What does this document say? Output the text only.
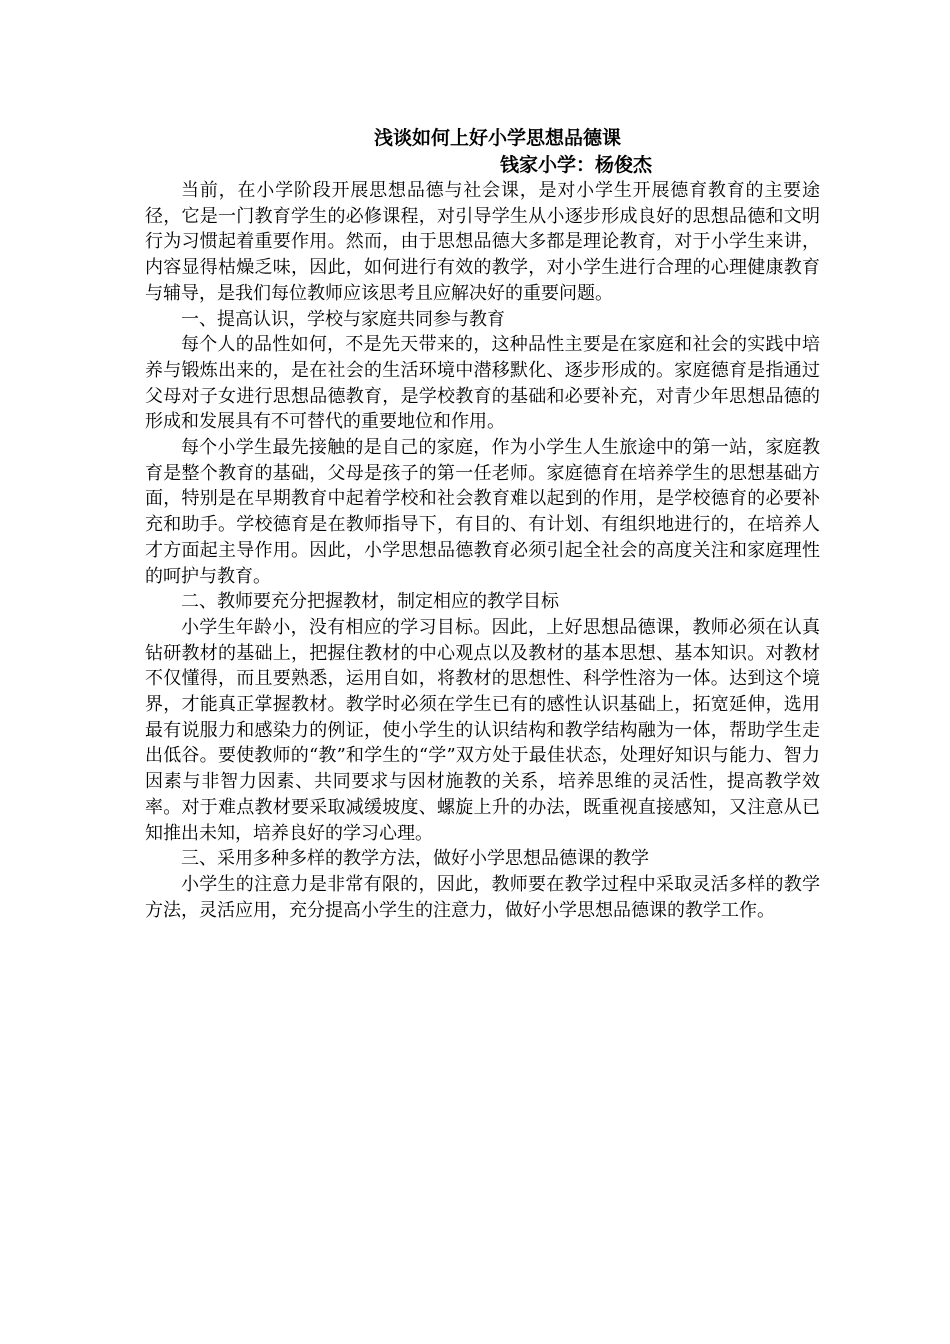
浅谈如何上好小学思想品德课

钱家小学：杨俊杰

当前，在小学阶段开展思想品德与社会课，是对小学生开展德育教育的主要途径，它是一门教育学生的必修课程，对引导学生从小逐步形成良好的思想品德和文明行为习惯起着重要作用。然而，由于思想品德大多都是理论教育，对于小学生来讲，内容显得枯燥乏味，因此，如何进行有效的教学，对小学生进行合理的心理健康教育与辅导，是我们每位教师应该思考且应解决好的重要问题。

一、提高认识，学校与家庭共同参与教育

每个人的品性如何，不是先天带来的，这种品性主要是在家庭和社会的实践中培养与锻炼出来的，是在社会的生活环境中潜移默化、逐步形成的。家庭德育是指通过父母对子女进行思想品德教育，是学校教育的基础和必要补充，对青少年思想品德的形成和发展具有不可替代的重要地位和作用。

每个小学生最先接触的是自己的家庭，作为小学生人生旅途中的第一站，家庭教育是整个教育的基础，父母是孩子的第一任老师。家庭德育在培养学生的思想基础方面，特别是在早期教育中起着学校和社会教育难以起到的作用，是学校德育的必要补充和助手。学校德育是在教师指导下，有目的、有计划、有组织地进行的，在培养人才方面起主导作用。因此，小学思想品德教育必须引起全社会的高度关注和家庭理性的呵护与教育。

二、教师要充分把握教材，制定相应的教学目标

小学生年龄小，没有相应的学习目标。因此，上好思想品德课，教师必须在认真钻研教材的基础上，把握住教材的中心观点以及教材的基本思想、基本知识。对教材不仅懂得，而且要熟悉，运用自如，将教材的思想性、科学性溶为一体。达到这个境界，才能真正掌握教材。教学时必须在学生已有的感性认识基础上，拓宽延伸，选用最有说服力和感染力的例证，使小学生的认识结构和教学结构融为一体，帮助学生走出低谷。要使教师的“教”和学生的“学”双方处于最佳状态，处理好知识与能力、智力因素与非智力因素、共同要求与因材施教的关系，培养思维的灵活性，提高教学效率。对于难点教材要采取减缓坡度、螺旋上升的办法，既重视直接感知，又注意从已知推出未知，培养良好的学习心理。

三、采用多种多样的教学方法，做好小学思想品德课的教学

小学生的注意力是非常有限的，因此，教师要在教学过程中采取灵活多样的教学方法，灵活应用，充分提高小学生的注意力，做好小学思想品德课的教学工作。
